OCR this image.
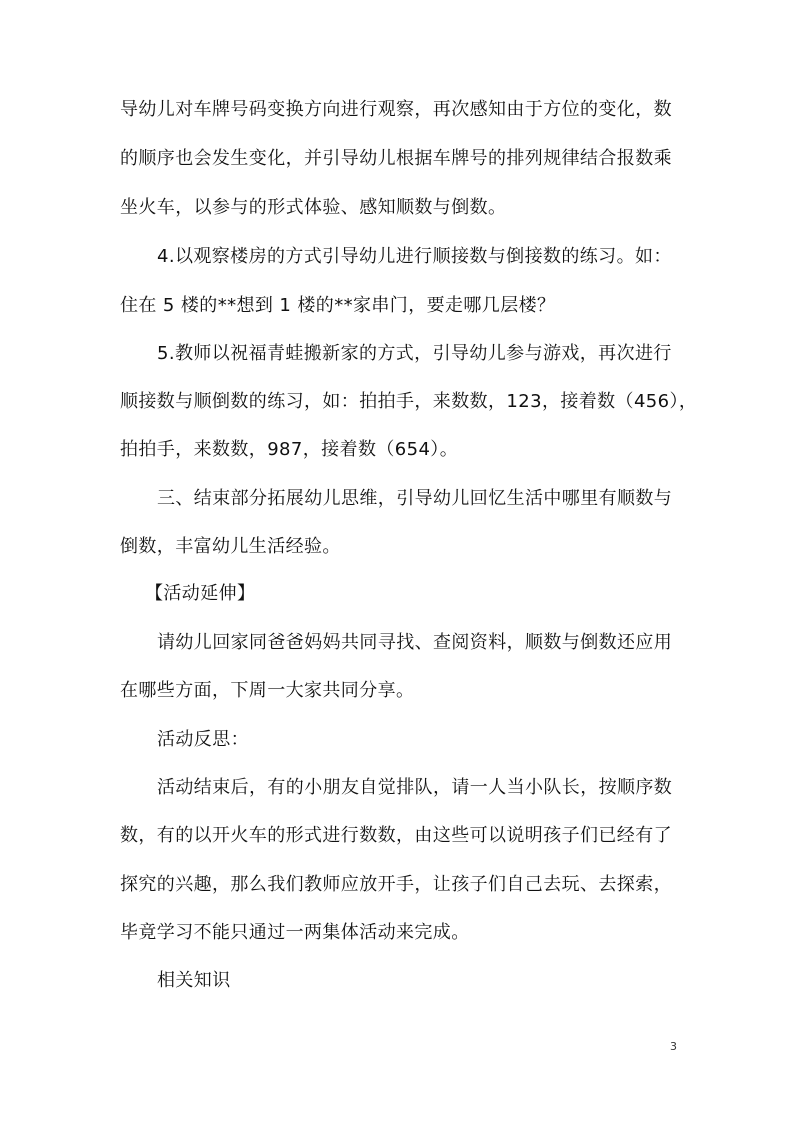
导幼儿对车牌号码变换方向进行观察，再次感知由于方位的变化，数
的顺序也会发生变化，并引导幼儿根据车牌号的排列规律结合报数乘
坐火车，以参与的形式体验、感知顺数与倒数。
4.以观察楼房的方式引导幼儿进行顺接数与倒接数的练习。如：
住在 5 楼的**想到 1 楼的**家串门，要走哪几层楼？
5.教师以祝福青蛙搬新家的方式，引导幼儿参与游戏，再次进行
顺接数与顺倒数的练习，如：拍拍手，来数数，123，接着数（456），
拍拍手，来数数，987，接着数（654）。
三、结束部分拓展幼儿思维，引导幼儿回忆生活中哪里有顺数与
倒数，丰富幼儿生活经验。
【活动延伸】
请幼儿回家同爸爸妈妈共同寻找、查阅资料，顺数与倒数还应用
在哪些方面，下周一大家共同分享。
活动反思：
活动结束后，有的小朋友自觉排队，请一人当小队长，按顺序数
数，有的以开火车的形式进行数数，由这些可以说明孩子们已经有了
探究的兴趣，那么我们教师应放开手，让孩子们自己去玩、去探索，
毕竟学习不能只通过一两集体活动来完成。
相关知识
3
